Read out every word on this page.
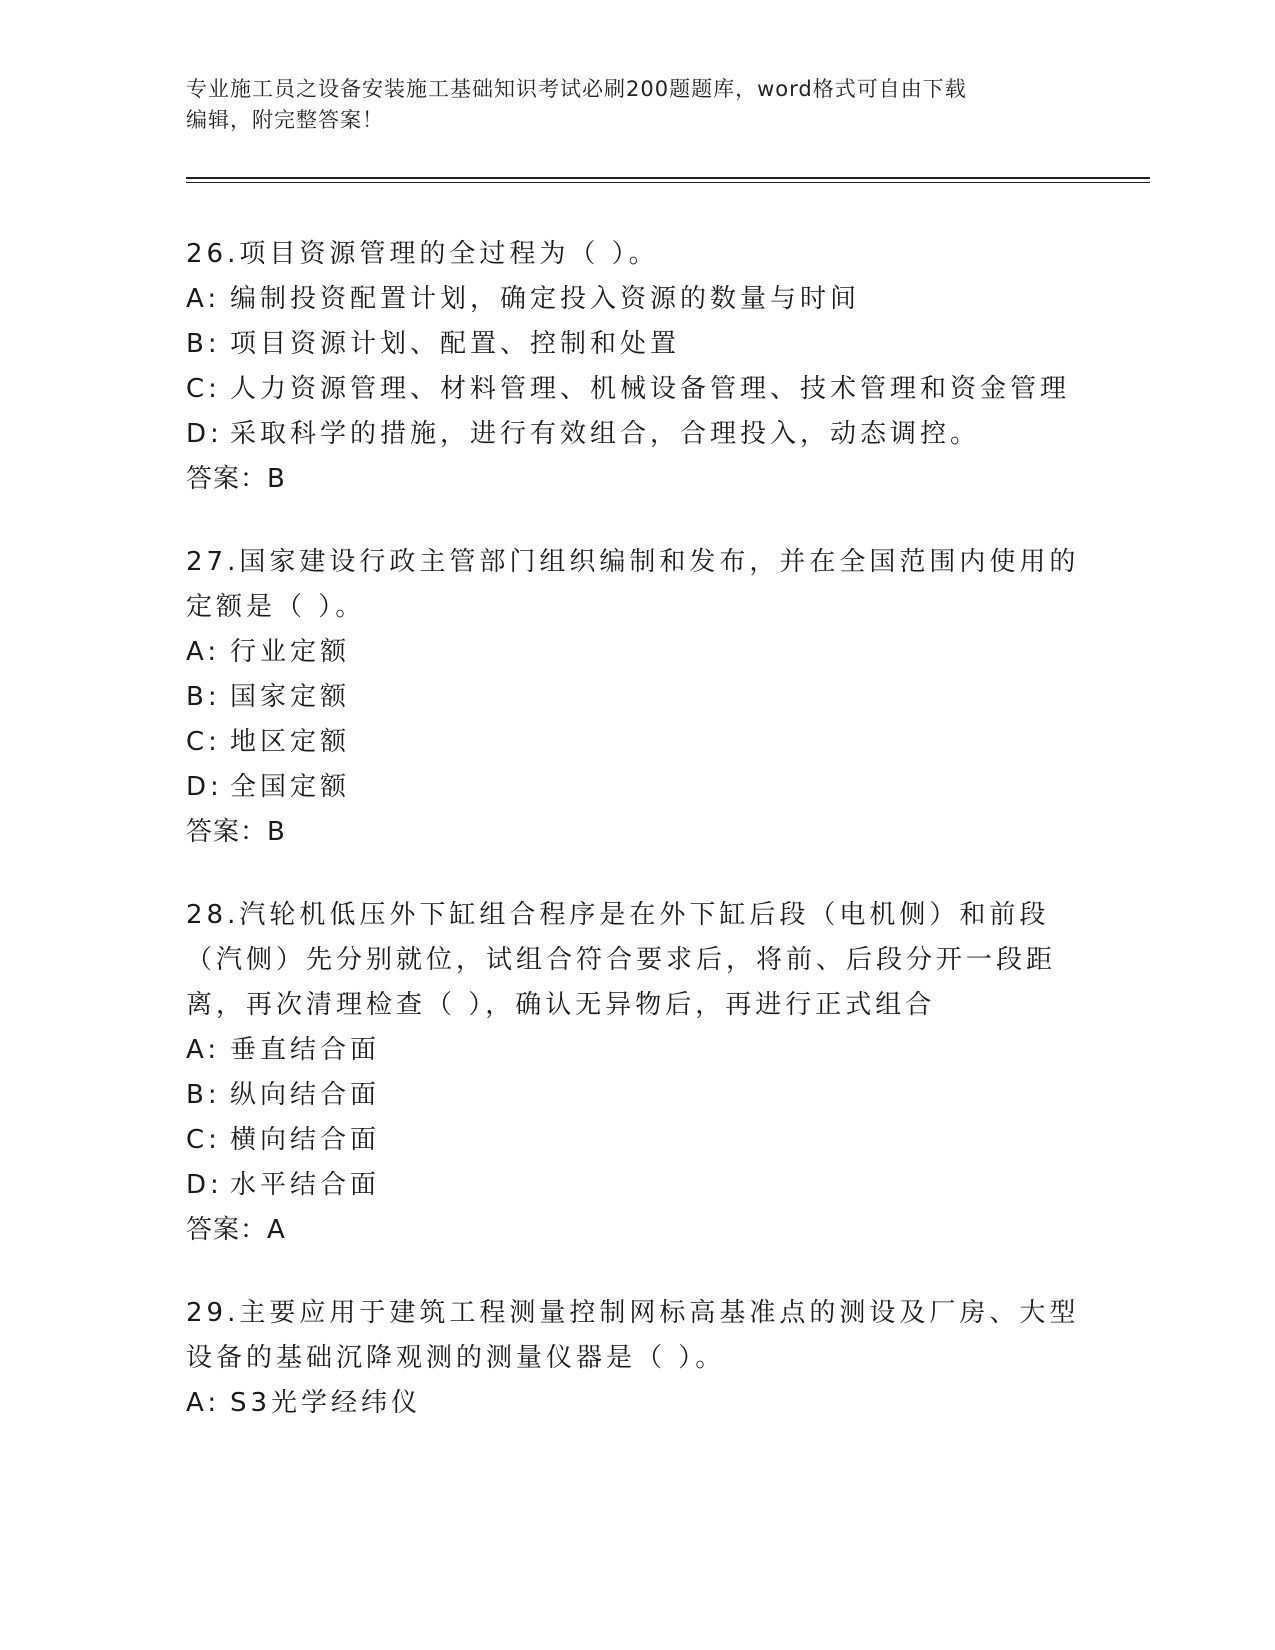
专业施工员之设备安装施工基础知识考试必刷200题题库，word格式可自由下载
编辑，附完整答案！

26.项目资源管理的全过程为（ ）。

A: 编制投资配置计划，确定投入资源的数量与时间
B: 项目资源计划、配置、控制和处置
C: 人力资源管理、材料管理、机械设备管理、技术管理和资金管理
D: 采取科学的措施，进行有效组合，合理投入，动态调控。

答案：B

27.国家建设行政主管部门组织编制和发布，并在全国范围内使用的定额是（ ）。

A: 行业定额
B: 国家定额
C: 地区定额
D: 全国定额

答案：B

28.汽轮机低压外下缸组合程序是在外下缸后段（电机侧）和前段（汽侧）先分别就位，试组合符合要求后，将前、后段分开一段距离，再次清理检查（ ），确认无异物后，再进行正式组合

A: 垂直结合面
B: 纵向结合面
C: 横向结合面
D: 水平结合面

答案：A

29.主要应用于建筑工程测量控制网标高基准点的测设及厂房、大型设备的基础沉降观测的测量仪器是（ ）。

A: S3光学经纬仪
